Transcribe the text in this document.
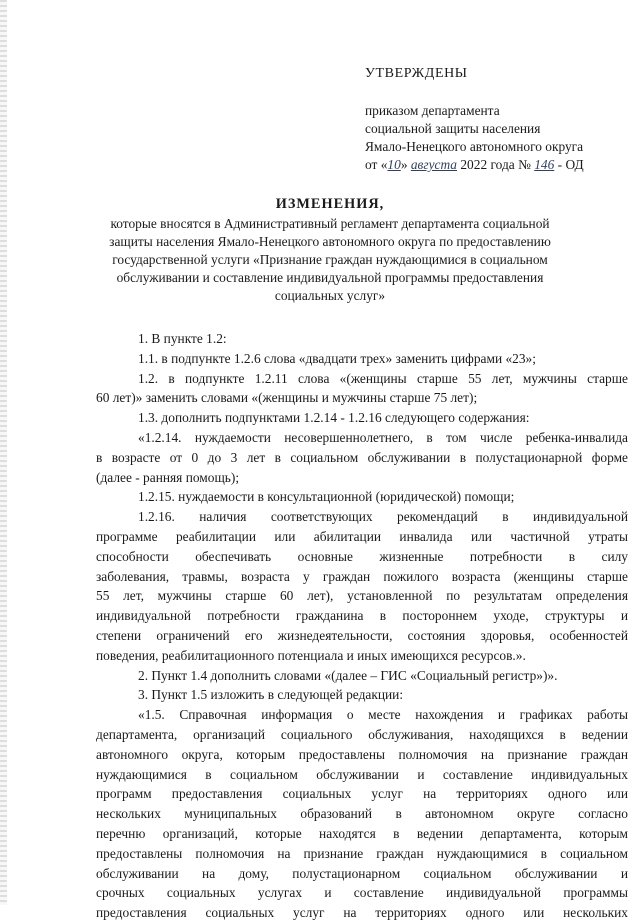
УТВЕРЖДЕНЫ
приказом департамента
социальной защиты населения
Ямало-Ненецкого автономного округа
от «10» августа 2022 года № 146 - ОД
ИЗМЕНЕНИЯ,
которые вносятся в Административный регламент департамента социальной
защиты населения Ямало-Ненецкого автономного округа по предоставлению
государственной услуги «Признание граждан нуждающимися в социальном
обслуживании и составление индивидуальной программы предоставления
социальных услуг»
1. В пункте 1.2:
1.1. в подпункте 1.2.6 слова «двадцати трех» заменить цифрами «23»;
1.2. в подпункте 1.2.11 слова «(женщины старше 55 лет, мужчины старше
60 лет)» заменить словами «(женщины и мужчины старше 75 лет);
1.3. дополнить подпунктами 1.2.14 - 1.2.16 следующего содержания:
«1.2.14. нуждаемости несовершеннолетнего, в том числе ребенка-инвалида
в возрасте от 0 до 3 лет в социальном обслуживании в полустационарной форме
(далее - ранняя помощь);
1.2.15. нуждаемости в консультационной (юридической) помощи;
1.2.16. наличия соответствующих рекомендаций в индивидуальной
программе реабилитации или абилитации инвалида или частичной утраты
способности обеспечивать основные жизненные потребности в силу
заболевания, травмы, возраста у граждан пожилого возраста (женщины старше
55 лет, мужчины старше 60 лет), установленной по результатам определения
индивидуальной потребности гражданина в постороннем уходе, структуры и
степени ограничений его жизнедеятельности, состояния здоровья, особенностей
поведения, реабилитационного потенциала и иных имеющихся ресурсов.».
2. Пункт 1.4 дополнить словами «(далее – ГИС «Социальный регистр»)».
3. Пункт 1.5 изложить в следующей редакции:
«1.5. Справочная информация о месте нахождения и графиках работы
департамента, организаций социального обслуживания, находящихся в ведении
автономного округа, которым предоставлены полномочия на признание граждан
нуждающимися в социальном обслуживании и составление индивидуальных
программ предоставления социальных услуг на территориях одного или
нескольких муниципальных образований в автономном округе согласно
перечню организаций, которые находятся в ведении департамента, которым
предоставлены полномочия на признание граждан нуждающимися в социальном
обслуживании на дому, полустационарном социальном обслуживании и
срочных социальных услугах и составление индивидуальной программы
предоставления социальных услуг на территориях одного или нескольких
